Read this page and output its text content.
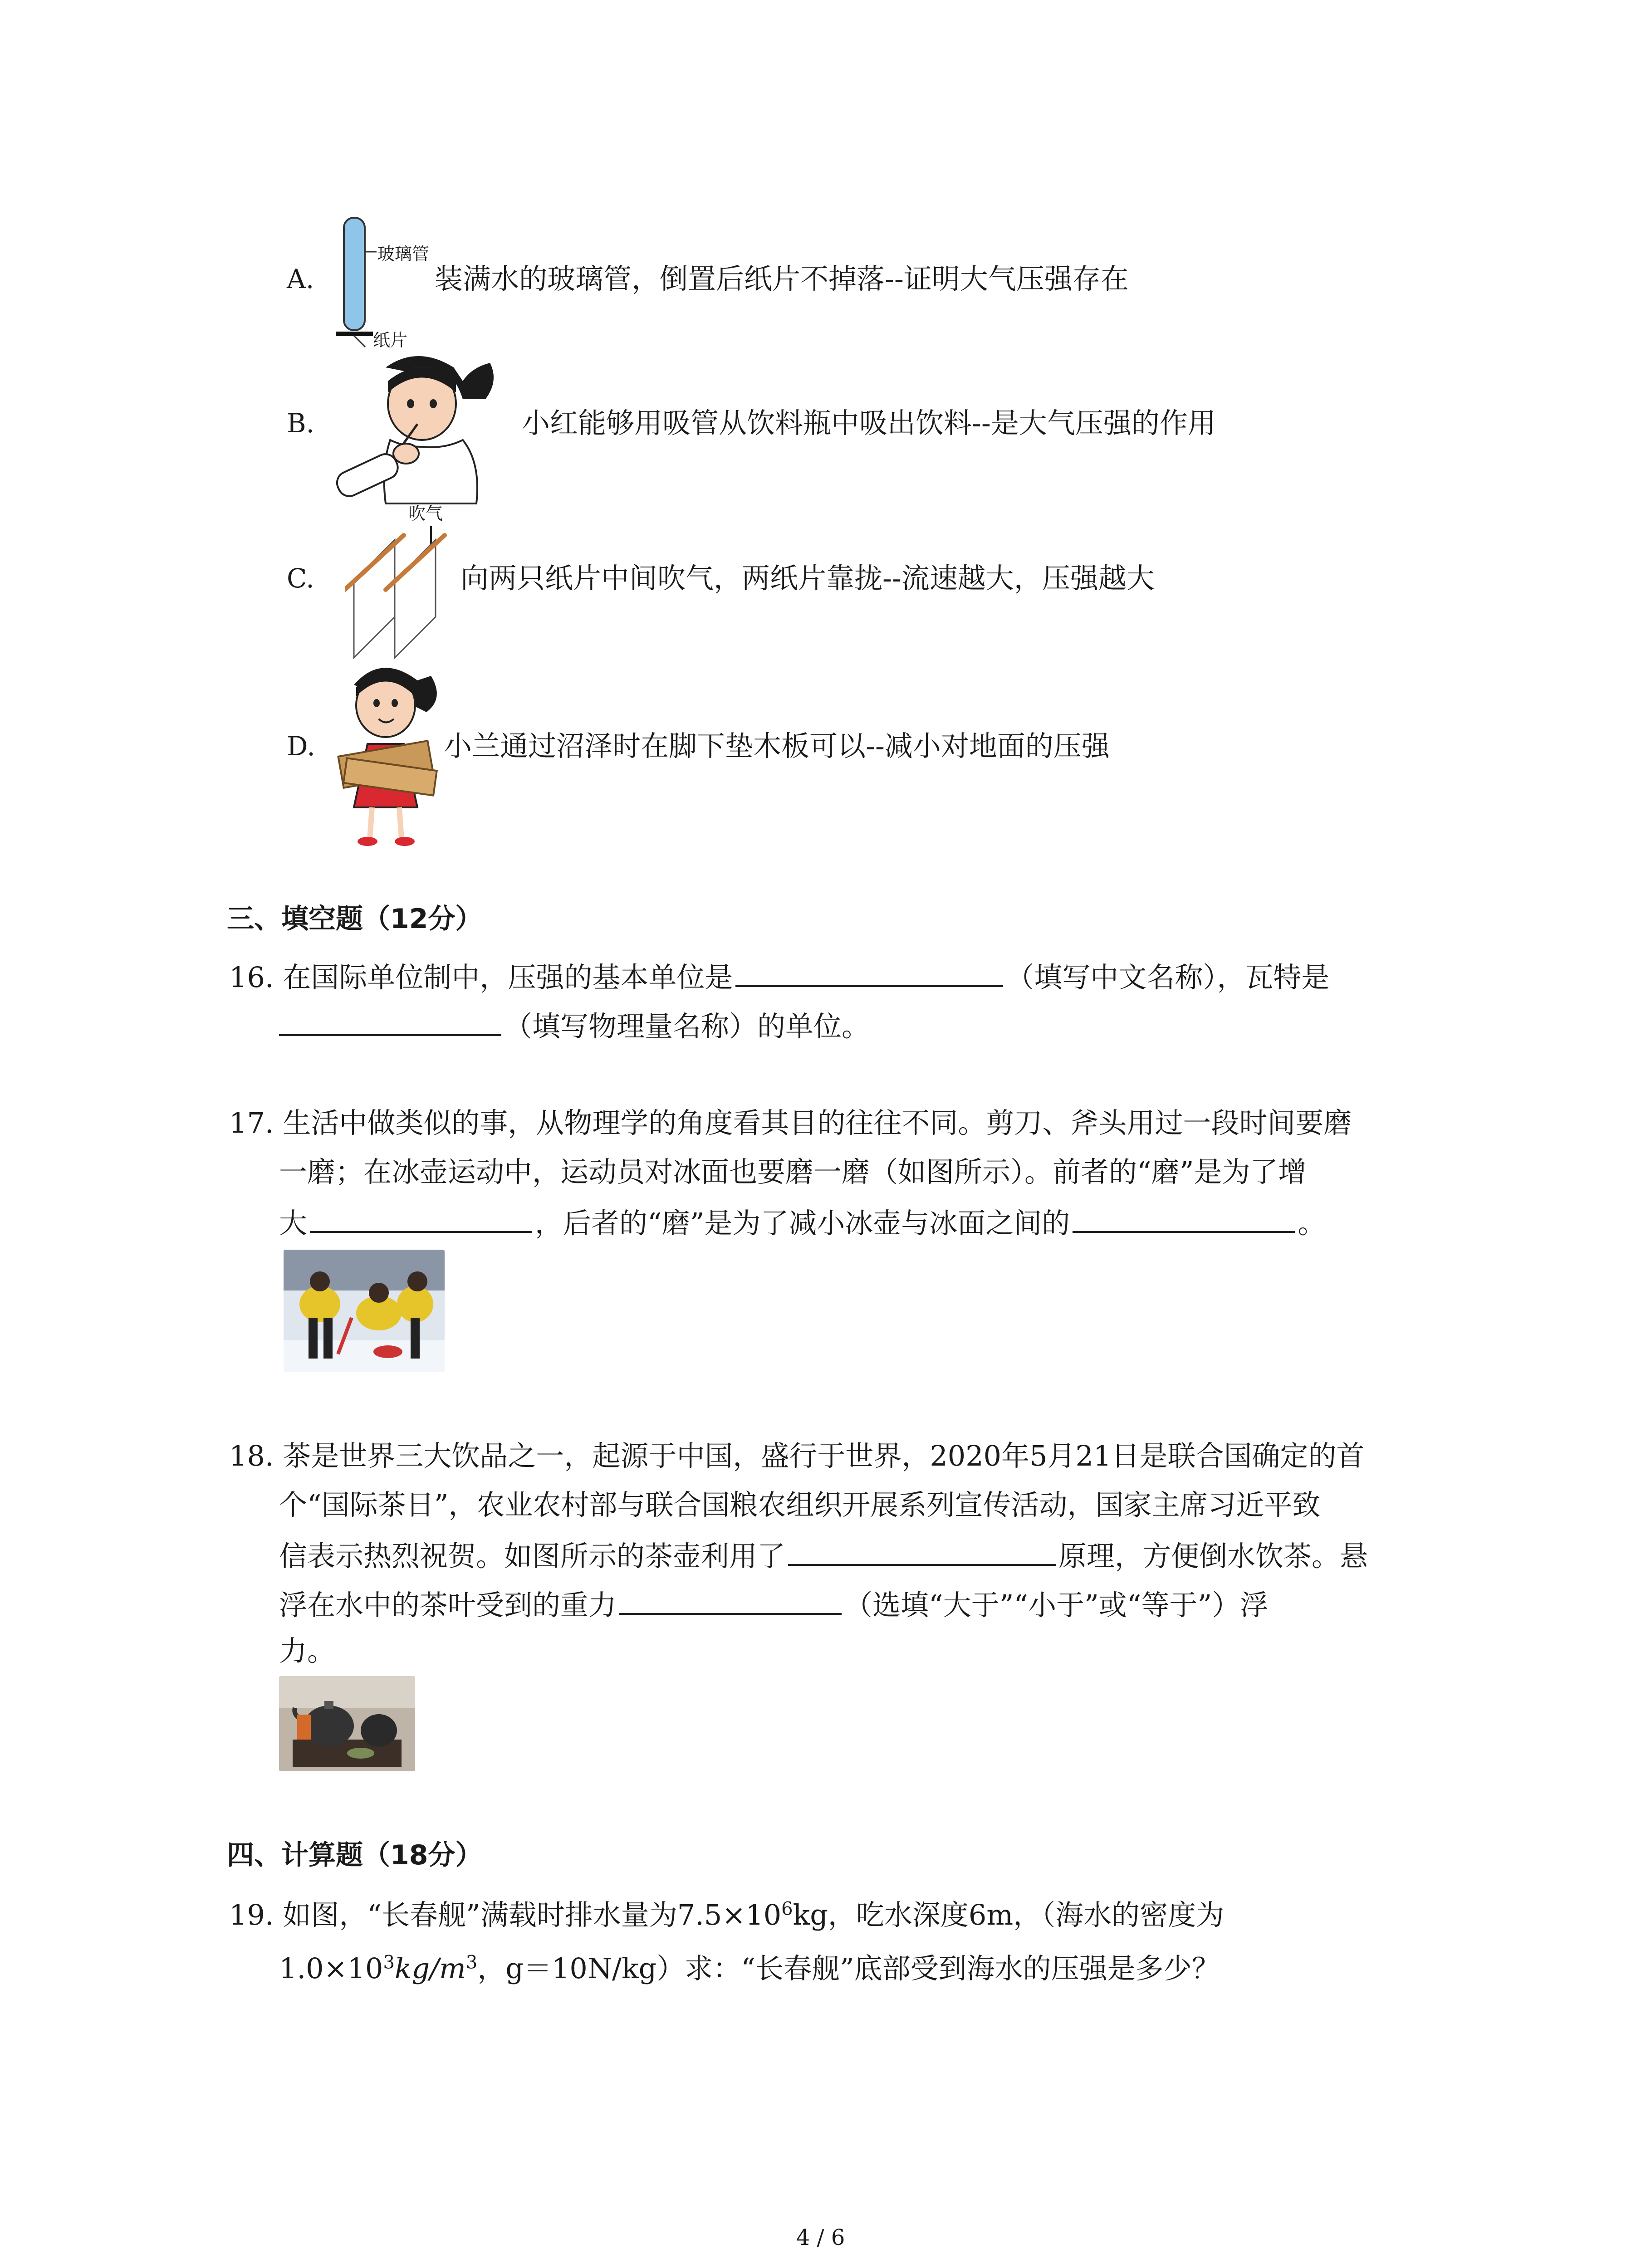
A.
玻璃管
纸片
装满水的玻璃管，倒置后纸片不掉落--证明大气压强存在
B.	小红能够用吸管从饮料瓶中吸出饮料--是大气压强的作用
C.
吹气
向两只纸片中间吹气，两纸片靠拢--流速越大，压强越大
D.	小兰通过沼泽时在脚下垫木板可以--减小对地面的压强
三、填空题（12分）
16. 在国际单位制中，压强的基本单位是	（填写中文名称），瓦特是
（填写物理量名称）的单位。
17. 生活中做类似的事，从物理学的角度看其目的往往不同。剪刀、斧头用过一段时间要磨
一磨；在冰壶运动中，运动员对冰面也要磨一磨（如图所示）。前者的“磨”是为了增
大	，后者的“磨”是为了减小冰壶与冰面之间的	。
18. 茶是世界三大饮品之一，起源于中国，盛行于世界，2020年5月21日是联合国确定的首
个“国际茶日”，农业农村部与联合国粮农组织开展系列宣传活动，国家主席习近平致
信表示热烈祝贺。如图所示的茶壶利用了	原理，方便倒水饮茶。悬
浮在水中的茶叶受到的重力	（选填“大于”“小于”或“等于”）浮
力。
四、计算题（18分）
19. 如图，“长春舰”满载时排水量为$7.5\times 10^6kg$，吃水深度6m，（海水的密度为
$1.0\times 10^3kg/m^3$，g＝10N/kg）求：“长春舰”底部受到海水的压强是多少？
4 / 6
